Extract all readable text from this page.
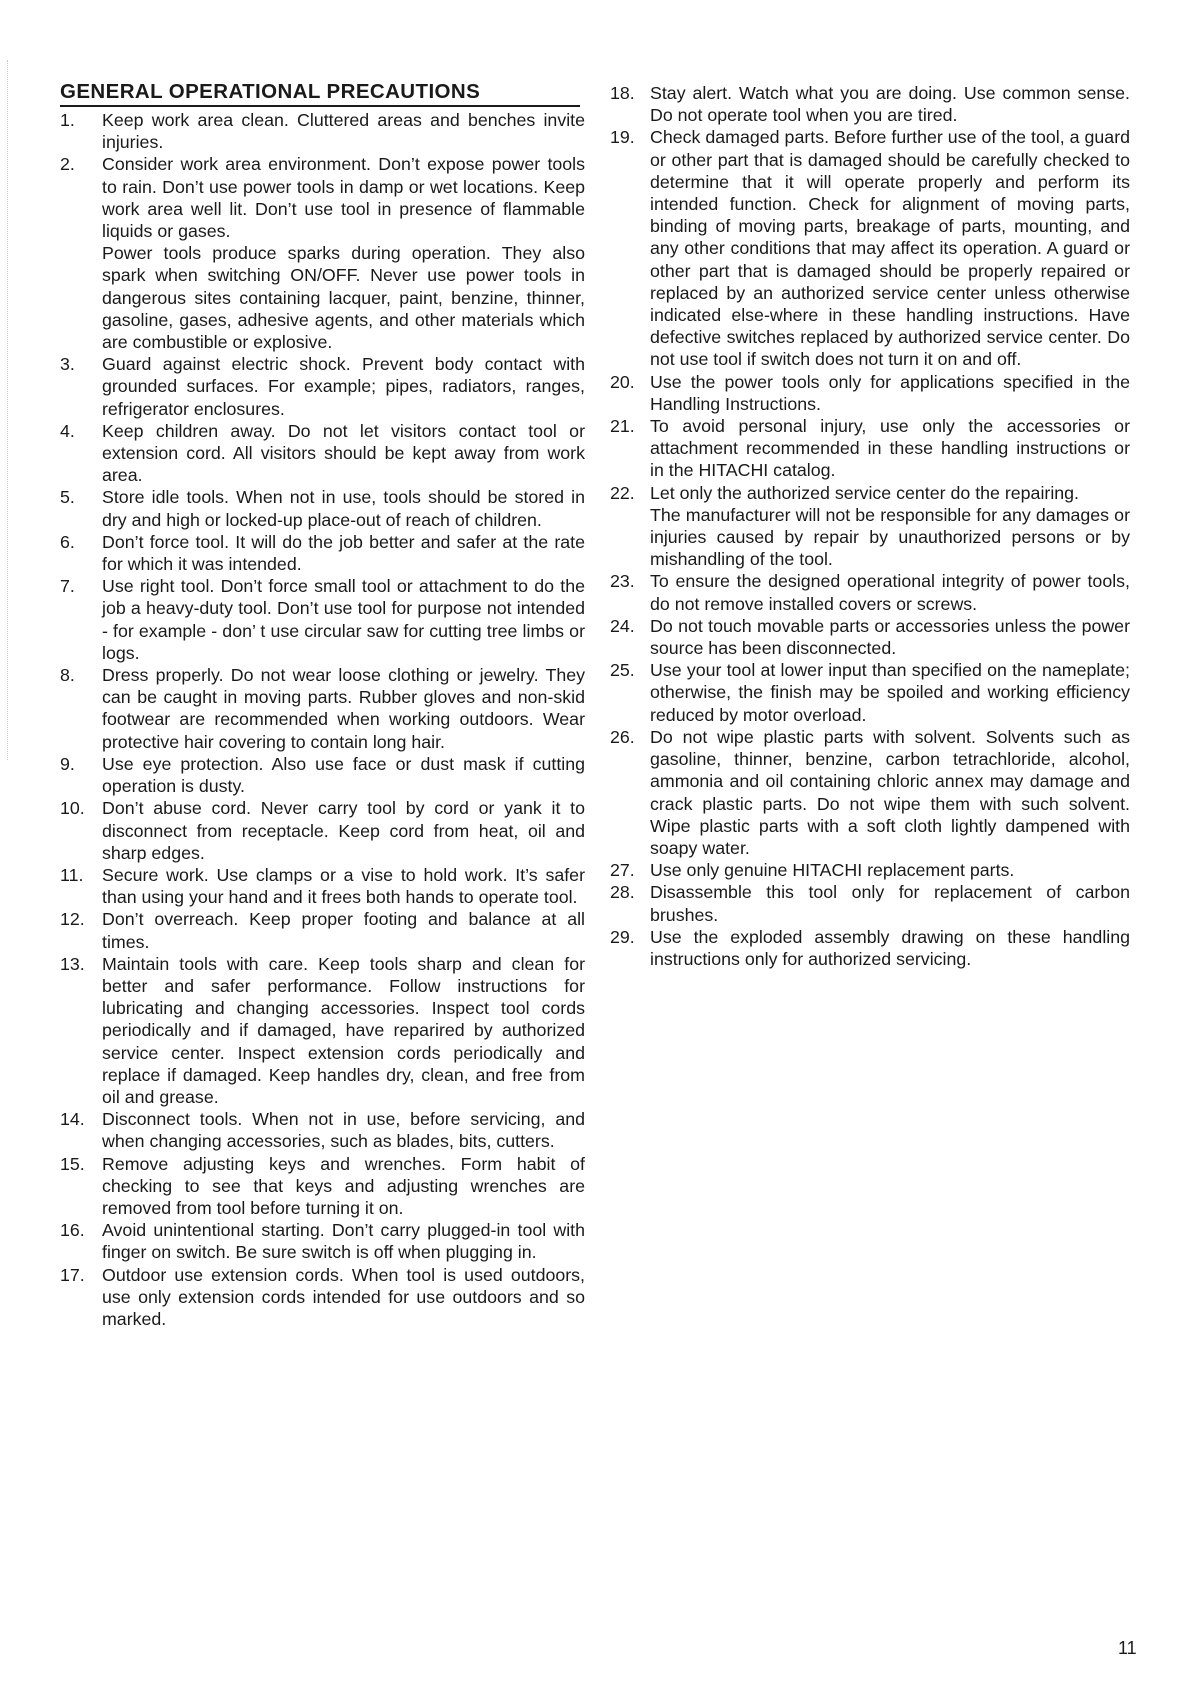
GENERAL OPERATIONAL PRECAUTIONS
1. Keep work area clean. Cluttered areas and benches invite injuries.
2. Consider work area environment. Don’t expose power tools to rain. Don’t use power tools in damp or wet locations. Keep work area well lit. Don’t use tool in presence of flammable liquids or gases.
Power tools produce sparks during operation. They also spark when switching ON/OFF. Never use power tools in dangerous sites containing lacquer, paint, benzine, thinner, gasoline, gases, adhesive agents, and other materials which are combustible or explosive.
3. Guard against electric shock. Prevent body contact with grounded surfaces. For example; pipes, radiators, ranges, refrigerator enclosures.
4. Keep children away. Do not let visitors contact tool or extension cord. All visitors should be kept away from work area.
5. Store idle tools. When not in use, tools should be stored in dry and high or locked-up place-out of reach of children.
6. Don’t force tool. It will do the job better and safer at the rate for which it was intended.
7. Use right tool. Don’t force small tool or attachment to do the job a heavy-duty tool. Don’t use tool for purpose not intended - for example - don’ t use circular saw for cutting tree limbs or logs.
8. Dress properly. Do not wear loose clothing or jewelry. They can be caught in moving parts. Rubber gloves and non-skid footwear are recommended when working outdoors. Wear protective hair covering to contain long hair.
9. Use eye protection. Also use face or dust mask if cutting operation is dusty.
10. Don’t abuse cord. Never carry tool by cord or yank it to disconnect from receptacle. Keep cord from heat, oil and sharp edges.
11. Secure work. Use clamps or a vise to hold work. It’s safer than using your hand and it frees both hands to operate tool.
12. Don’t overreach. Keep proper footing and balance at all times.
13. Maintain tools with care. Keep tools sharp and clean for better and safer performance. Follow instructions for lubricating and changing accessories. Inspect tool cords periodically and if damaged, have reparired by authorized service center. Inspect extension cords periodically and replace if damaged. Keep handles dry, clean, and free from oil and grease.
14. Disconnect tools. When not in use, before servicing, and when changing accessories, such as blades, bits, cutters.
15. Remove adjusting keys and wrenches. Form habit of checking to see that keys and adjusting wrenches are removed from tool before turning it on.
16. Avoid unintentional starting. Don’t carry plugged-in tool with finger on switch. Be sure switch is off when plugging in.
17. Outdoor use extension cords. When tool is used outdoors, use only extension cords intended for use outdoors and so marked.
18. Stay alert. Watch what you are doing. Use common sense. Do not operate tool when you are tired.
19. Check damaged parts. Before further use of the tool, a guard or other part that is damaged should be carefully checked to determine that it will operate properly and perform its intended function. Check for alignment of moving parts, binding of moving parts, breakage of parts, mounting, and any other conditions that may affect its operation. A guard or other part that is damaged should be properly repaired or replaced by an authorized service center unless otherwise indicated else-where in these handling instructions. Have defective switches replaced by authorized service center. Do not use tool if switch does not turn it on and off.
20. Use the power tools only for applications specified in the Handling Instructions.
21. To avoid personal injury, use only the accessories or attachment recommended in these handling instructions or in the HITACHI catalog.
22. Let only the authorized service center do the repairing.
The manufacturer will not be responsible for any damages or injuries caused by repair by unauthorized persons or by mishandling of the tool.
23. To ensure the designed operational integrity of power tools, do not remove installed covers or screws.
24. Do not touch movable parts or accessories unless the power source has been disconnected.
25. Use your tool at lower input than specified on the nameplate; otherwise, the finish may be spoiled and working efficiency reduced by motor overload.
26. Do not wipe plastic parts with solvent. Solvents such as gasoline, thinner, benzine, carbon tetrachloride, alcohol, ammonia and oil containing chloric annex may damage and crack plastic parts. Do not wipe them with such solvent. Wipe plastic parts with a soft cloth lightly dampened with soapy water.
27. Use only genuine HITACHI replacement parts.
28. Disassemble this tool only for replacement of carbon brushes.
29. Use the exploded assembly drawing on these handling instructions only for authorized servicing.
11
